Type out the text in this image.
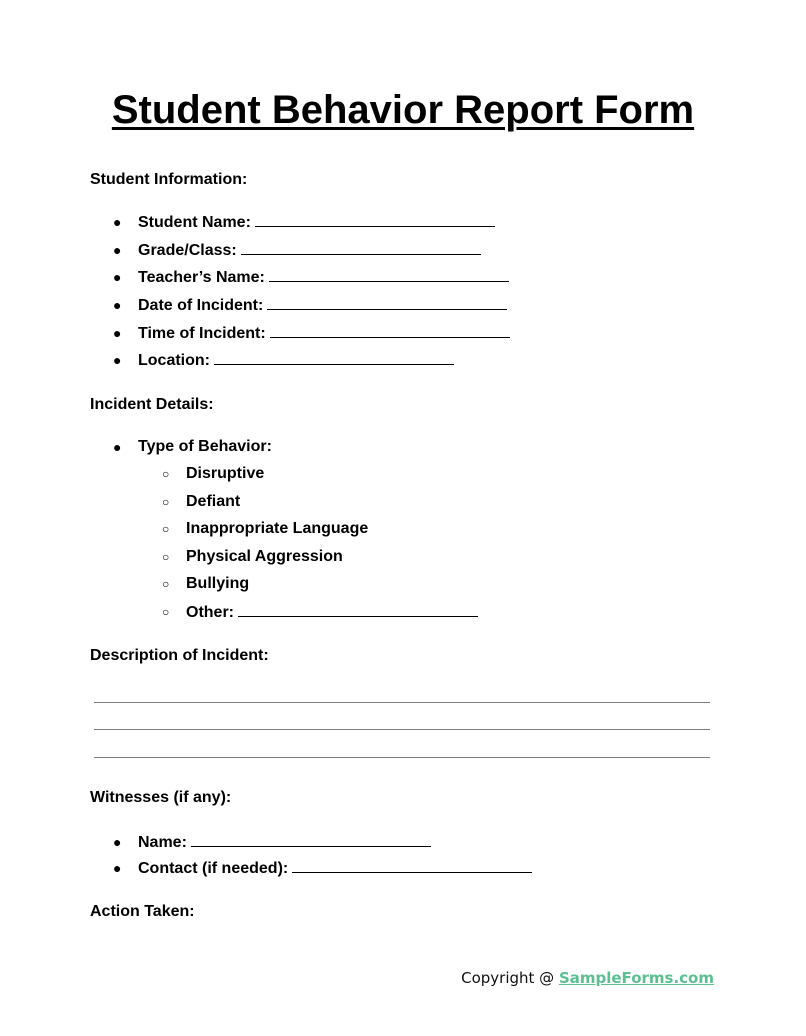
Student Behavior Report Form
Student Information:
●
Student Name:
●
Grade/Class:
●
Teacher’s Name:
●
Date of Incident:
●
Time of Incident:
●
Location:
Incident Details:
●
Type of Behavior:
○
Disruptive
○
Defiant
○
Inappropriate Language
○
Physical Aggression
○
Bullying
○
Other:
Description of Incident:
Witnesses (if any):
●
Name:
●
Contact (if needed):
Action Taken:
Copyright @ SampleForms.com
